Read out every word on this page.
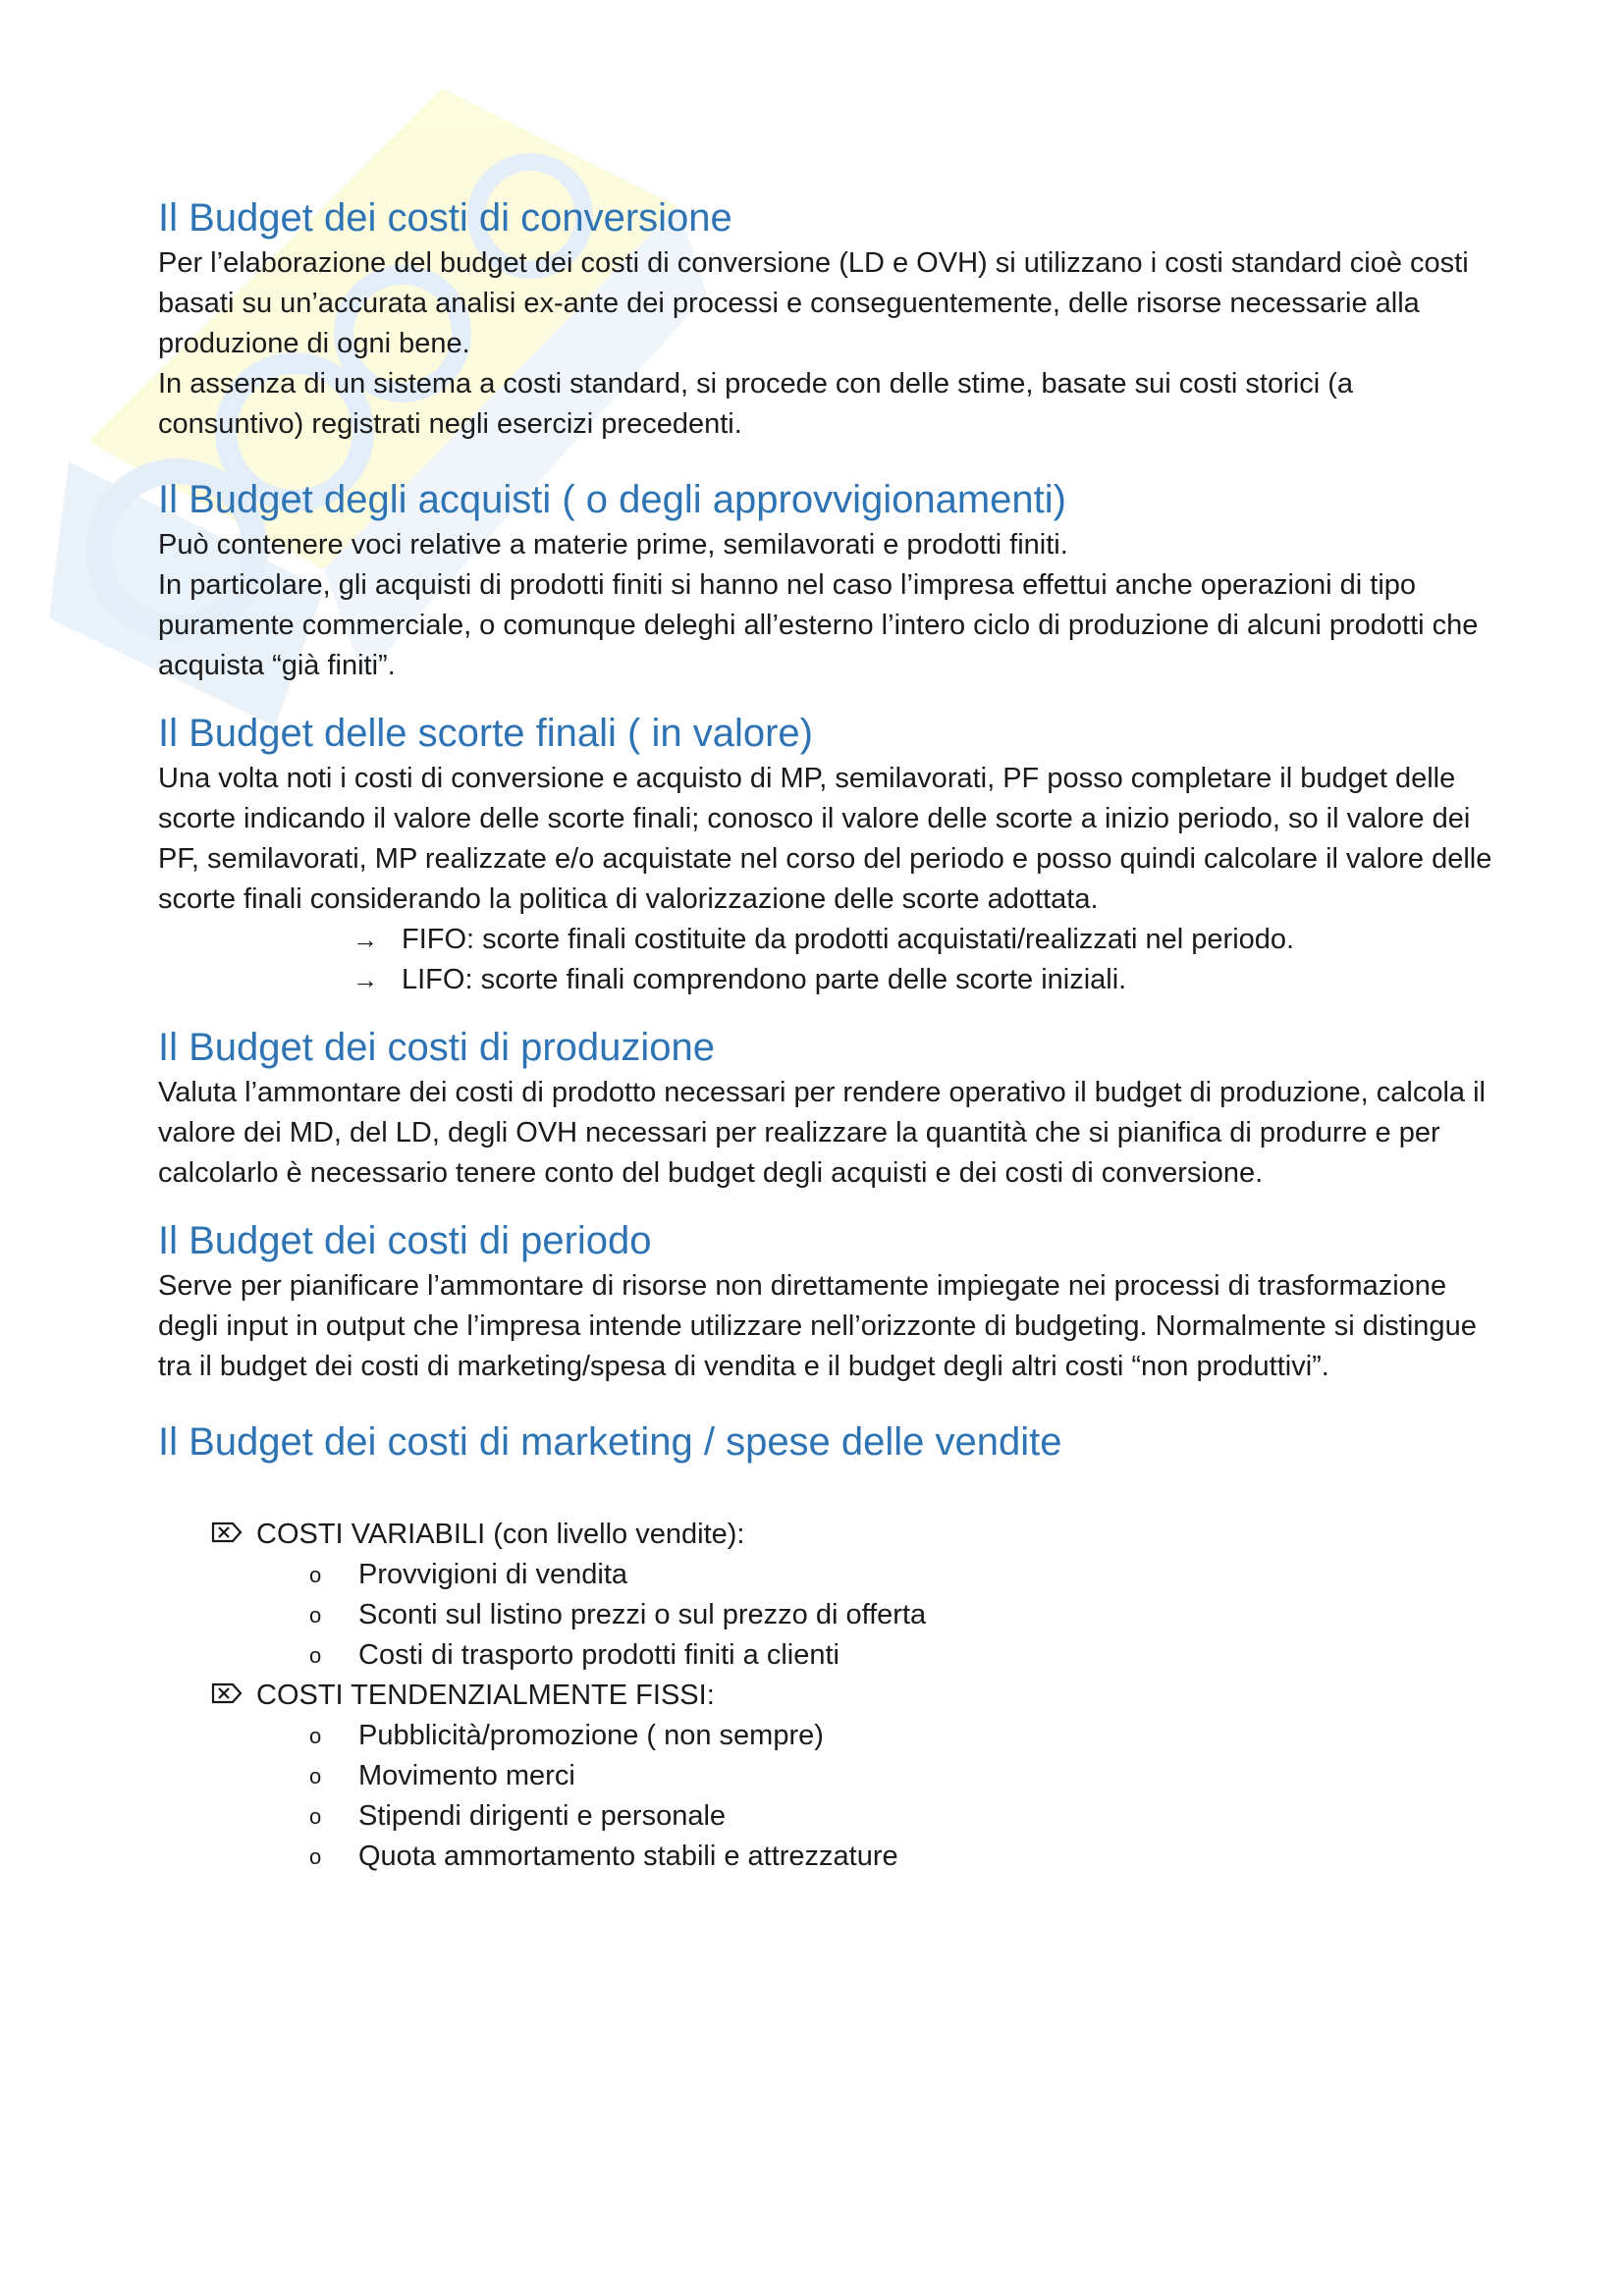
Il Budget dei costi di conversione

Per l’elaborazione del budget dei costi di conversione (LD e OVH) si utilizzano i costi standard cioè costi basati su un’accurata analisi ex-ante dei processi e conseguentemente, delle risorse necessarie alla produzione di ogni bene.

In assenza di un sistema a costi standard, si procede con delle stime, basate sui costi storici (a consuntivo) registrati negli esercizi precedenti.

Il Budget degli acquisti ( o degli approvvigionamenti)

Può contenere voci relative a materie prime, semilavorati e prodotti finiti.

In particolare, gli acquisti di prodotti finiti si hanno nel caso l’impresa effettui anche operazioni di tipo puramente commerciale, o comunque deleghi all’esterno l’intero ciclo di produzione di alcuni prodotti che acquista “già finiti”.

Il Budget delle scorte finali ( in valore)

Una volta noti i costi di conversione e acquisto di MP, semilavorati, PF posso completare il budget delle scorte indicando il valore delle scorte finali; conosco il valore delle scorte a inizio periodo, so il valore dei PF, semilavorati, MP realizzate e/o acquistate nel corso del periodo e posso quindi calcolare il valore delle scorte finali considerando la politica di valorizzazione delle scorte adottata.

→ FIFO: scorte finali costituite da prodotti acquistati/realizzati nel periodo.
→ LIFO: scorte finali comprendono parte delle scorte iniziali.
Il Budget dei costi di produzione

Valuta l’ammontare dei costi di prodotto necessari per rendere operativo il budget di produzione, calcola il valore dei MD, del LD, degli OVH necessari per realizzare la quantità che si pianifica di produrre e per calcolarlo è necessario tenere conto del budget degli acquisti e dei costi di conversione.

Il Budget dei costi di periodo

Serve per pianificare l’ammontare di risorse non direttamente impiegate nei processi di trasformazione degli input in output che l’impresa intende utilizzare nell’orizzonte di budgeting. Normalmente si distingue tra il budget dei costi di marketing/spesa di vendita e il budget degli altri costi “non produttivi”.

Il Budget dei costi di marketing / spese delle vendite
COSTI VARIABILI (con livello vendite):
o	Provvigioni di vendita
o	Sconti sul listino prezzi o sul prezzo di offerta
o	Costi di trasporto prodotti finiti a clienti
COSTI TENDENZIALMENTE FISSI:
o	Pubblicità/promozione ( non sempre)
o	Movimento merci
o	Stipendi dirigenti e personale
o	Quota ammortamento stabili e attrezzature
